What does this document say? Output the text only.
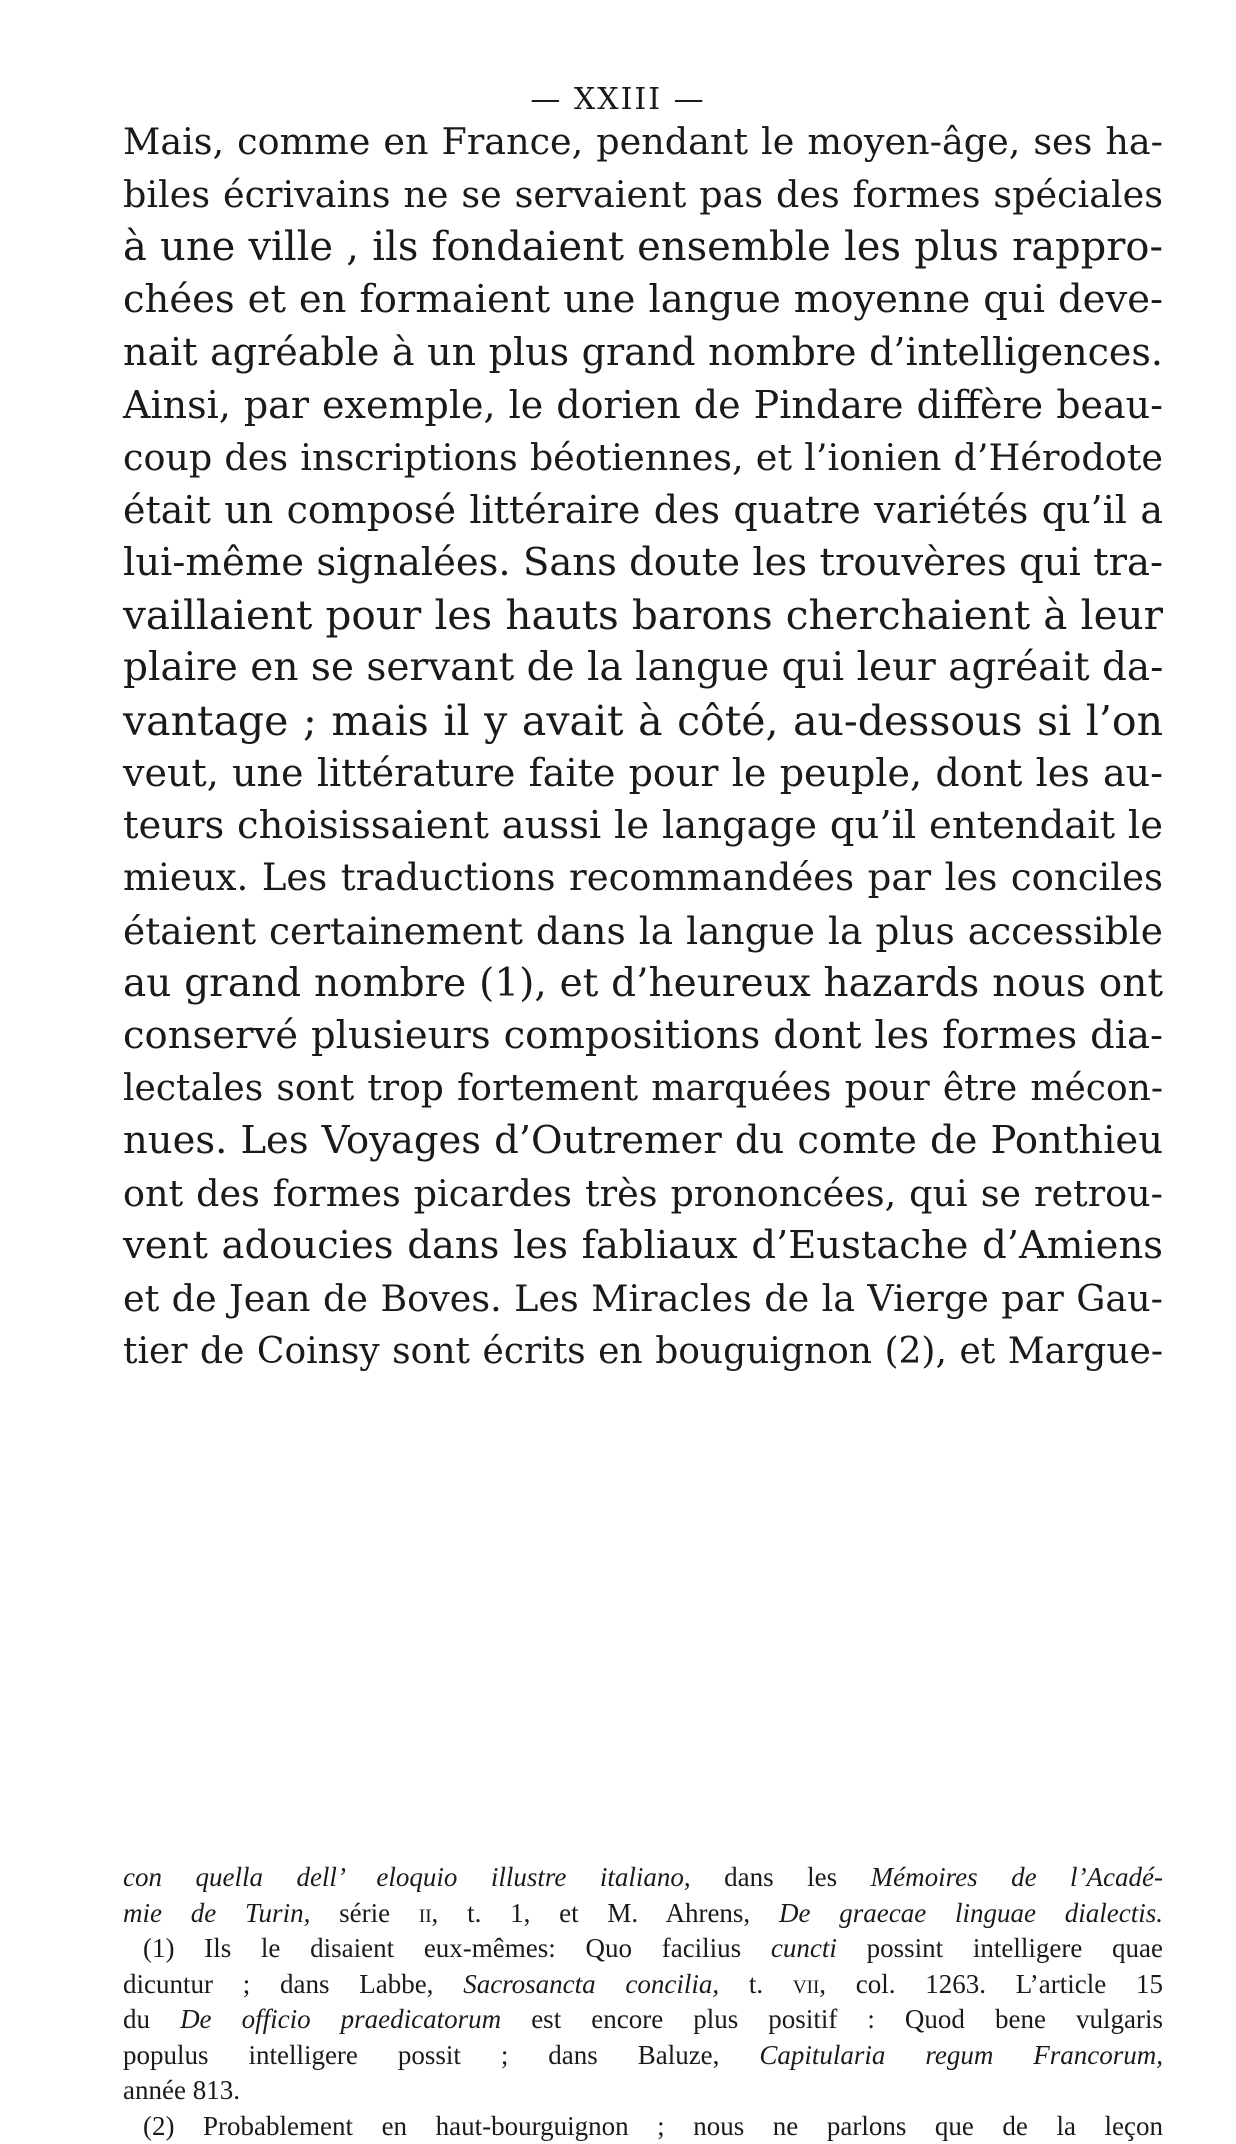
— XXIII —
Mais, comme en France, pendant le moyen-âge, ses ha-
biles écrivains ne se servaient pas des formes spéciales
à une ville , ils fondaient ensemble les plus rappro-
chées et en formaient une langue moyenne qui deve-
nait agréable à un plus grand nombre d’intelligences.
Ainsi, par exemple, le dorien de Pindare diffère beau-
coup des inscriptions béotiennes, et l’ionien d’Hérodote
était un composé littéraire des quatre variétés qu’il a
lui-même signalées. Sans doute les trouvères qui tra-
vaillaient pour les hauts barons cherchaient à leur
plaire en se servant de la langue qui leur agréait da-
vantage ; mais il y avait à côté, au-dessous si l’on
veut, une littérature faite pour le peuple, dont les au-
teurs choisissaient aussi le langage qu’il entendait le
mieux. Les traductions recommandées par les conciles
étaient certainement dans la langue la plus accessible
au grand nombre (1), et d’heureux hazards nous ont
conservé plusieurs compositions dont les formes dia-
lectales sont trop fortement marquées pour être mécon-
nues. Les Voyages d’Outremer du comte de Ponthieu
ont des formes picardes très prononcées, qui se retrou-
vent adoucies dans les fabliaux d’Eustache d’Amiens
et de Jean de Boves. Les Miracles de la Vierge par Gau-
tier de Coinsy sont écrits en bouguignon (2), et Margue-
con quella dell’ eloquio illustre italiano, dans les Mémoires de l’Acadé-
mie de Turin, série ii, t. 1, et M. Ahrens, De graecae linguae dialectis.
(1) Ils le disaient eux-mêmes: Quo facilius cuncti possint intelligere quae
dicuntur ; dans Labbe, Sacrosancta concilia, t. vii, col. 1263. L’article 15
du De officio praedicatorum est encore plus positif : Quod bene vulgaris
populus intelligere possit ; dans Baluze, Capitularia regum Francorum,
année 813.
(2) Probablement en haut-bourguignon ; nous ne parlons que de la leçon
